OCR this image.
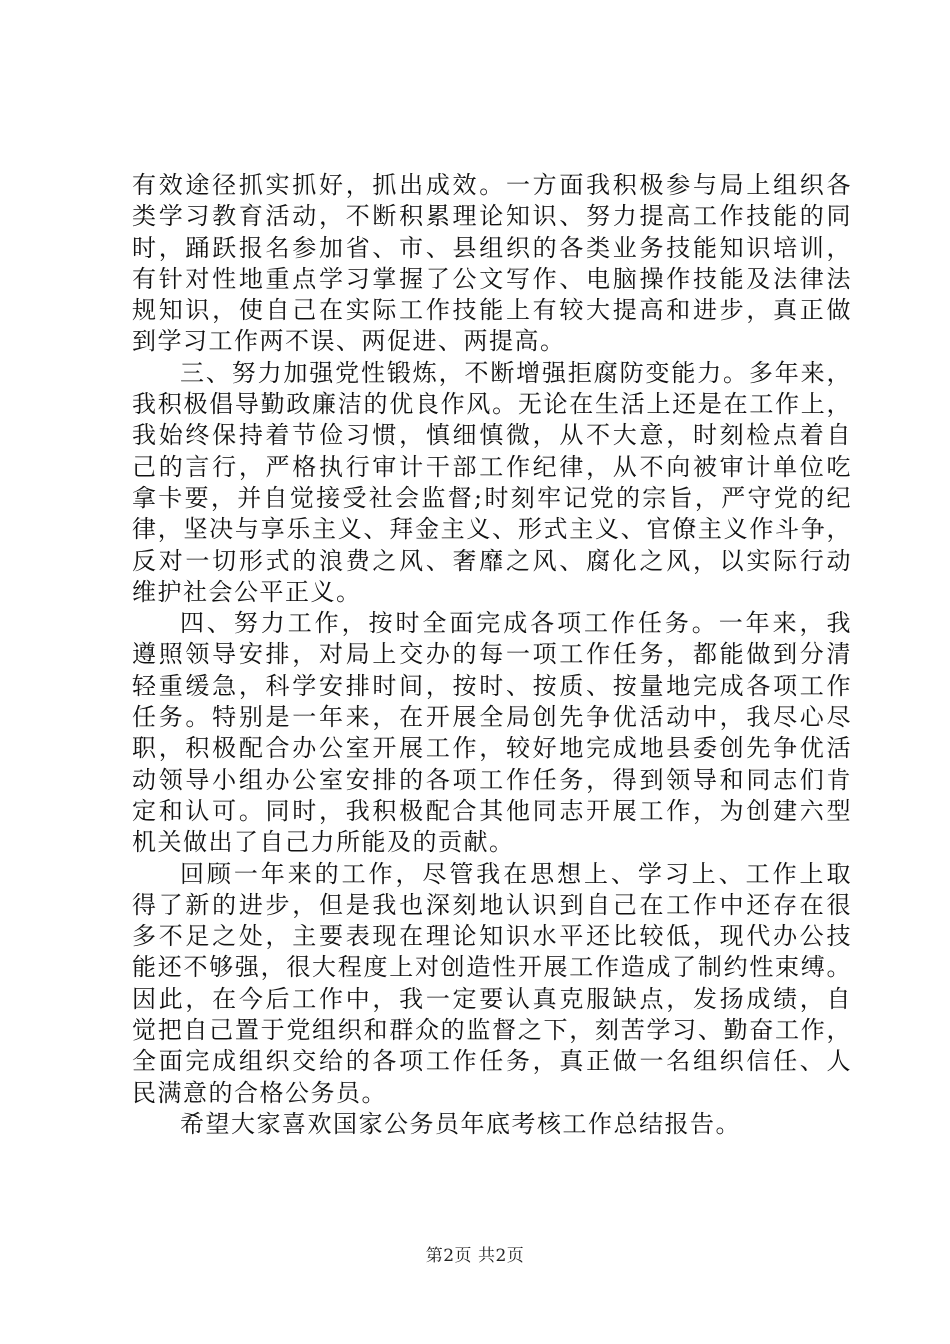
有效途径抓实抓好，抓出成效。一方面我积极参与局上组织各
类学习教育活动，不断积累理论知识、努力提高工作技能的同
时，踊跃报名参加省、市、县组织的各类业务技能知识培训，
有针对性地重点学习掌握了公文写作、电脑操作技能及法律法
规知识，使自己在实际工作技能上有较大提高和进步，真正做
到学习工作两不误、两促进、两提高。
三、努力加强党性锻炼，不断增强拒腐防变能力。多年来，
我积极倡导勤政廉洁的优良作风。无论在生活上还是在工作上，
我始终保持着节俭习惯，慎细慎微，从不大意，时刻检点着自
己的言行，严格执行审计干部工作纪律，从不向被审计单位吃
拿卡要，并自觉接受社会监督;时刻牢记党的宗旨，严守党的纪
律，坚决与享乐主义、拜金主义、形式主义、官僚主义作斗争，
反对一切形式的浪费之风、奢靡之风、腐化之风，以实际行动
维护社会公平正义。
四、努力工作，按时全面完成各项工作任务。一年来，我
遵照领导安排，对局上交办的每一项工作任务，都能做到分清
轻重缓急，科学安排时间，按时、按质、按量地完成各项工作
任务。特别是一年来，在开展全局创先争优活动中，我尽心尽
职，积极配合办公室开展工作，较好地完成地县委创先争优活
动领导小组办公室安排的各项工作任务，得到领导和同志们肯
定和认可。同时，我积极配合其他同志开展工作，为创建六型
机关做出了自己力所能及的贡献。
回顾一年来的工作，尽管我在思想上、学习上、工作上取
得了新的进步，但是我也深刻地认识到自己在工作中还存在很
多不足之处，主要表现在理论知识水平还比较低，现代办公技
能还不够强，很大程度上对创造性开展工作造成了制约性束缚。
因此，在今后工作中，我一定要认真克服缺点，发扬成绩，自
觉把自己置于党组织和群众的监督之下，刻苦学习、勤奋工作，
全面完成组织交给的各项工作任务，真正做一名组织信任、人
民满意的合格公务员。
希望大家喜欢国家公务员年底考核工作总结报告。
第2页 共2页
